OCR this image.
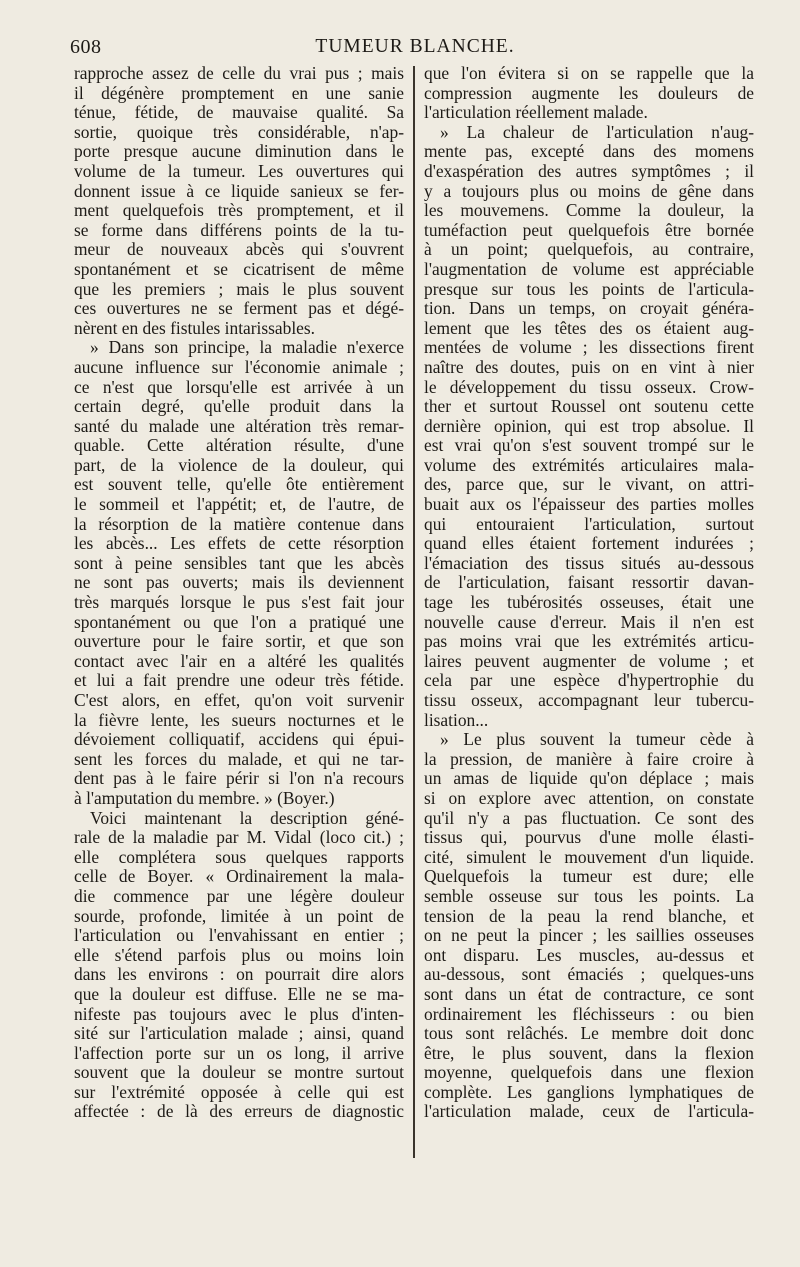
608	TUMEUR BLANCHE.
rapproche assez de celle du vrai pus ; mais
il dégénère promptement en une sanie
ténue, fétide, de mauvaise qualité. Sa
sortie, quoique très considérable, n'ap-
porte presque aucune diminution dans le
volume de la tumeur. Les ouvertures qui
donnent issue à ce liquide sanieux se fer-
ment quelquefois très promptement, et il
se forme dans différens points de la tu-
meur de nouveaux abcès qui s'ouvrent
spontanément et se cicatrisent de même
que les premiers ; mais le plus souvent
ces ouvertures ne se ferment pas et dégé-
nèrent en des fistules intarissables.
» Dans son principe, la maladie n'exerce
aucune influence sur l'économie animale ;
ce n'est que lorsqu'elle est arrivée à un
certain degré, qu'elle produit dans la
santé du malade une altération très remar-
quable. Cette altération résulte, d'une
part, de la violence de la douleur, qui
est souvent telle, qu'elle ôte entièrement
le sommeil et l'appétit; et, de l'autre, de
la résorption de la matière contenue dans
les abcès... Les effets de cette résorption
sont à peine sensibles tant que les abcès
ne sont pas ouverts; mais ils deviennent
très marqués lorsque le pus s'est fait jour
spontanément ou que l'on a pratiqué une
ouverture pour le faire sortir, et que son
contact avec l'air en a altéré les qualités
et lui a fait prendre une odeur très fétide.
C'est alors, en effet, qu'on voit survenir
la fièvre lente, les sueurs nocturnes et le
dévoiement colliquatif, accidens qui épui-
sent les forces du malade, et qui ne tar-
dent pas à le faire périr si l'on n'a recours
à l'amputation du membre. » (Boyer.)
Voici maintenant la description géné-
rale de la maladie par M. Vidal (loco cit.) ;
elle complétera sous quelques rapports
celle de Boyer. « Ordinairement la mala-
die commence par une légère douleur
sourde, profonde, limitée à un point de
l'articulation ou l'envahissant en entier ;
elle s'étend parfois plus ou moins loin
dans les environs : on pourrait dire alors
que la douleur est diffuse. Elle ne se ma-
nifeste pas toujours avec le plus d'inten-
sité sur l'articulation malade ; ainsi, quand
l'affection porte sur un os long, il arrive
souvent que la douleur se montre surtout
sur l'extrémité opposée à celle qui est
affectée : de là des erreurs de diagnostic
que l'on évitera si on se rappelle que la
compression augmente les douleurs de
l'articulation réellement malade.
» La chaleur de l'articulation n'aug-
mente pas, excepté dans des momens
d'exaspération des autres symptômes ; il
y a toujours plus ou moins de gêne dans
les mouvemens. Comme la douleur, la
tuméfaction peut quelquefois être bornée
à un point; quelquefois, au contraire,
l'augmentation de volume est appréciable
presque sur tous les points de l'articula-
tion. Dans un temps, on croyait généra-
lement que les têtes des os étaient aug-
mentées de volume ; les dissections firent
naître des doutes, puis on en vint à nier
le développement du tissu osseux. Crow-
ther et surtout Roussel ont soutenu cette
dernière opinion, qui est trop absolue. Il
est vrai qu'on s'est souvent trompé sur le
volume des extrémités articulaires mala-
des, parce que, sur le vivant, on attri-
buait aux os l'épaisseur des parties molles
qui entouraient l'articulation, surtout
quand elles étaient fortement indurées ;
l'émaciation des tissus situés au-dessous
de l'articulation, faisant ressortir davan-
tage les tubérosités osseuses, était une
nouvelle cause d'erreur. Mais il n'en est
pas moins vrai que les extrémités articu-
laires peuvent augmenter de volume ; et
cela par une espèce d'hypertrophie du
tissu osseux, accompagnant leur tubercu-
lisation...
» Le plus souvent la tumeur cède à
la pression, de manière à faire croire à
un amas de liquide qu'on déplace ; mais
si on explore avec attention, on constate
qu'il n'y a pas fluctuation. Ce sont des
tissus qui, pourvus d'une molle élasti-
cité, simulent le mouvement d'un liquide.
Quelquefois la tumeur est dure; elle
semble osseuse sur tous les points. La
tension de la peau la rend blanche, et
on ne peut la pincer ; les saillies osseuses
ont disparu. Les muscles, au-dessus et
au-dessous, sont émaciés ; quelques-uns
sont dans un état de contracture, ce sont
ordinairement les fléchisseurs : ou bien
tous sont relâchés. Le membre doit donc
être, le plus souvent, dans la flexion
moyenne, quelquefois dans une flexion
complète. Les ganglions lymphatiques de
l'articulation malade, ceux de l'articula-
